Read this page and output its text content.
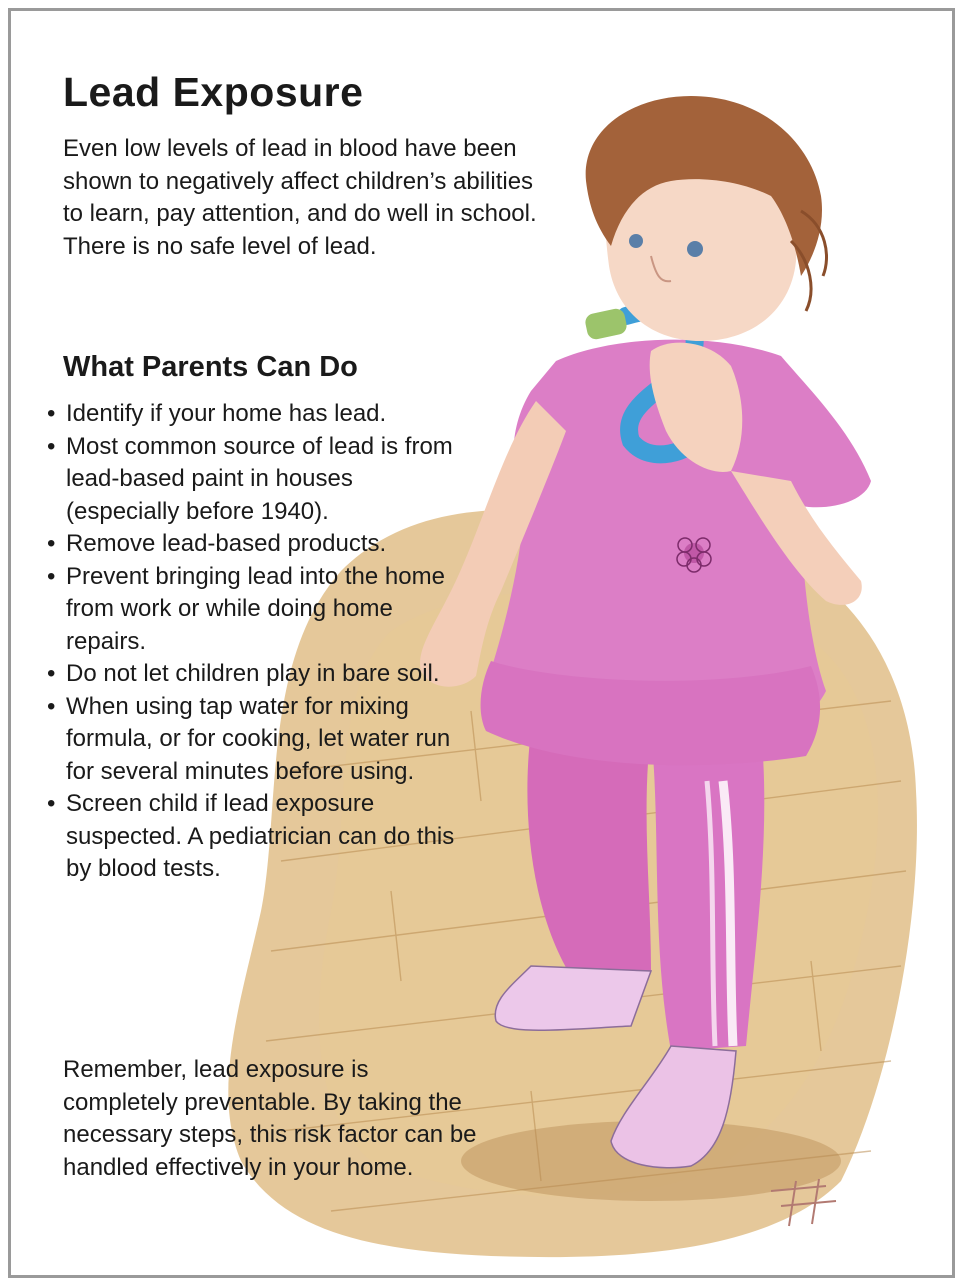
Lead Exposure

Even low levels of lead in blood have been shown to negatively affect children’s abilities to learn, pay attention, and do well in school. There is no safe level of lead.

What Parents Can Do
• Identify if your home has lead.
• Most common source of lead is from lead-based paint in houses (especially before 1940).
• Remove lead-based products.
• Prevent bringing lead into the home from work or while doing home repairs.
• Do not let children play in bare soil.
• When using tap water for mixing formula, or for cooking, let water run for several minutes before using.
• Screen child if lead exposure suspected. A pediatrician can do this by blood tests.

Remember, lead exposure is completely preventable. By taking the necessary steps, this risk factor can be handled effectively in your home.
